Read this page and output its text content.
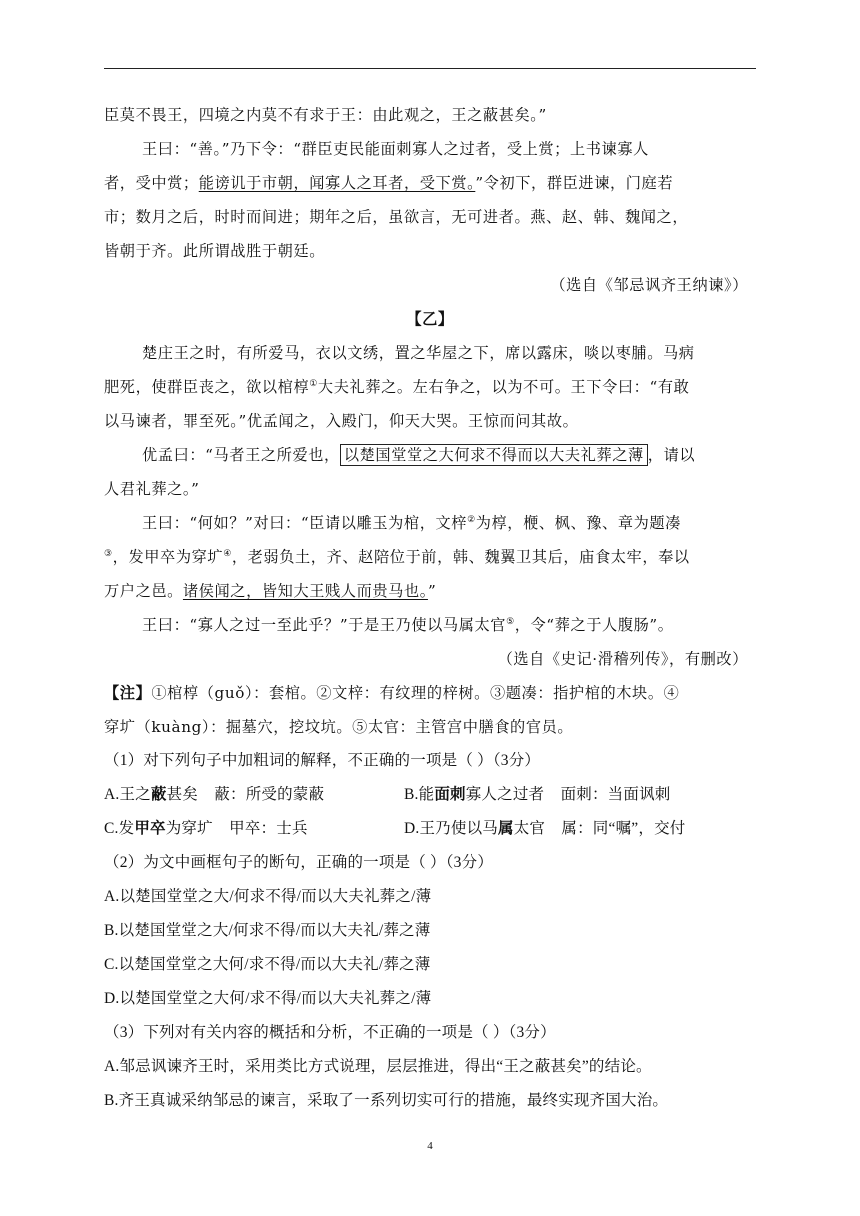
臣莫不畏王，四境之内莫不有求于王：由此观之，王之蔽甚矣。”
王曰：“善。”乃下令：“群臣吏民能面刺寡人之过者，受上赏；上书谏寡人
者，受中赏；能谤讥于市朝，闻寡人之耳者，受下赏。”令初下，群臣进谏，门庭若
市；数月之后，时时而间进；期年之后，虽欲言，无可进者。燕、赵、韩、魏闻之，
皆朝于齐。此所谓战胜于朝廷。
（选自《邹忌讽齐王纳谏》）
【乙】
楚庄王之时，有所爱马，衣以文绣，置之华屋之下，席以露床，啖以枣脯。马病
肥死，使群臣丧之，欲以棺椁①大夫礼葬之。左右争之，以为不可。王下令曰：“有敢
以马谏者，罪至死。”优孟闻之，入殿门，仰天大哭。王惊而问其故。
优孟曰：“马者王之所爱也， 以楚国堂堂之大何求不得而以大夫礼葬之薄 ，请以
人君礼葬之。”
王曰：“何如？”对曰：“臣请以雕玉为棺，文梓②为椁，楩、枫、豫、章为题凑
③，发甲卒为穿圹④，老弱负土，齐、赵陪位于前，韩、魏翼卫其后，庙食太牢，奉以
万户之邑。诸侯闻之，皆知大王贱人而贵马也。”
王曰：“寡人之过一至此乎？”于是王乃使以马属太官⑤，令“葬之于人腹肠”。
（选自《史记·滑稽列传》，有删改）
【注】①棺椁（guǒ）：套棺。②文梓：有纹理的梓树。③题凑：指护棺的木块。④
穿圹（kuàng）：掘墓穴，挖坟坑。⑤太官：主管宫中膳食的官员。
（1）对下列句子中加粗词的解释，不正确的一项是（ ）（3分）
A.王之蔽甚矣 蔽：所受的蒙蔽	B.能面刺寡人之过者 面刺：当面讽刺
C.发甲卒为穿圹 甲卒：士兵	D.王乃使以马属太官 属：同“嘱”，交付
（2）为文中画框句子的断句，正确的一项是（ ）（3分）
A.以楚国堂堂之大/何求不得/而以大夫礼葬之/薄
B.以楚国堂堂之大/何求不得/而以大夫礼/葬之薄
C.以楚国堂堂之大何/求不得/而以大夫礼/葬之薄
D.以楚国堂堂之大何/求不得/而以大夫礼葬之/薄
（3）下列对有关内容的概括和分析，不正确的一项是（ ）（3分）
A.邹忌讽谏齐王时，采用类比方式说理，层层推进，得出“王之蔽甚矣”的结论。
B.齐王真诚采纳邹忌的谏言，采取了一系列切实可行的措施，最终实现齐国大治。
4
